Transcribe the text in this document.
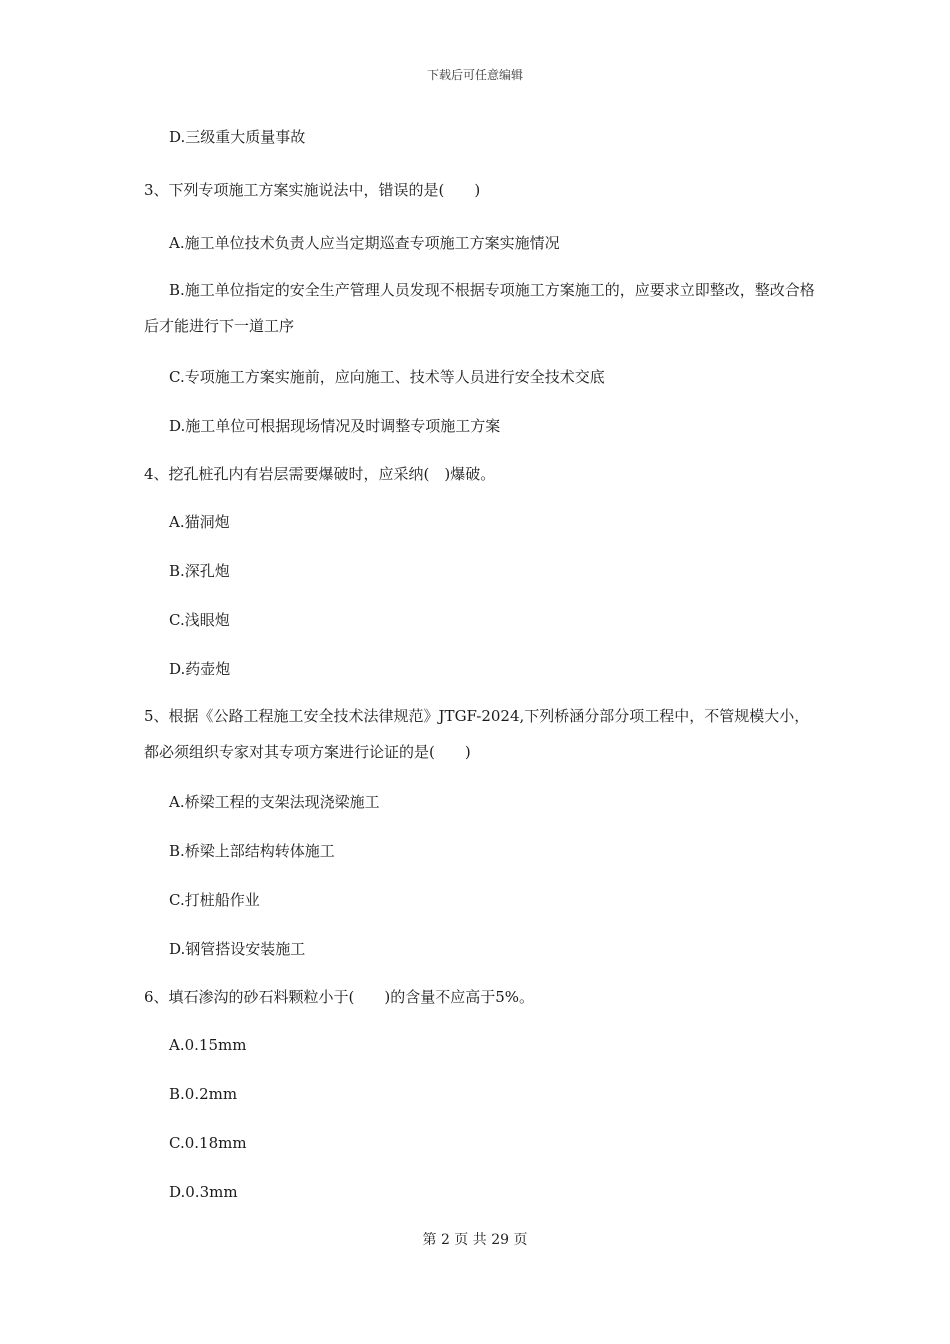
下载后可任意编辑
D.三级重大质量事故
3、下列专项施工方案实施说法中，错误的是(　　)
A.施工单位技术负责人应当定期巡查专项施工方案实施情况
B.施工单位指定的安全生产管理人员发现不根据专项施工方案施工的，应要求立即整改，整改合格后才能进行下一道工序
C.专项施工方案实施前，应向施工、技术等人员进行安全技术交底
D.施工单位可根据现场情况及时调整专项施工方案
4、挖孔桩孔内有岩层需要爆破时，应采纳(　)爆破。
A.猫洞炮
B.深孔炮
C.浅眼炮
D.药壶炮
5、根据《公路工程施工安全技术法律规范》JTGF-2024,下列桥涵分部分项工程中，不管规模大小，都必须组织专家对其专项方案进行论证的是(　　)
A.桥梁工程的支架法现浇梁施工
B.桥梁上部结构转体施工
C.打桩船作业
D.钢管搭设安装施工
6、填石渗沟的砂石料颗粒小于(　　)的含量不应高于5%。
A.0.15mm
B.0.2mm
C.0.18mm
D.0.3mm
第 2 页 共 29 页
